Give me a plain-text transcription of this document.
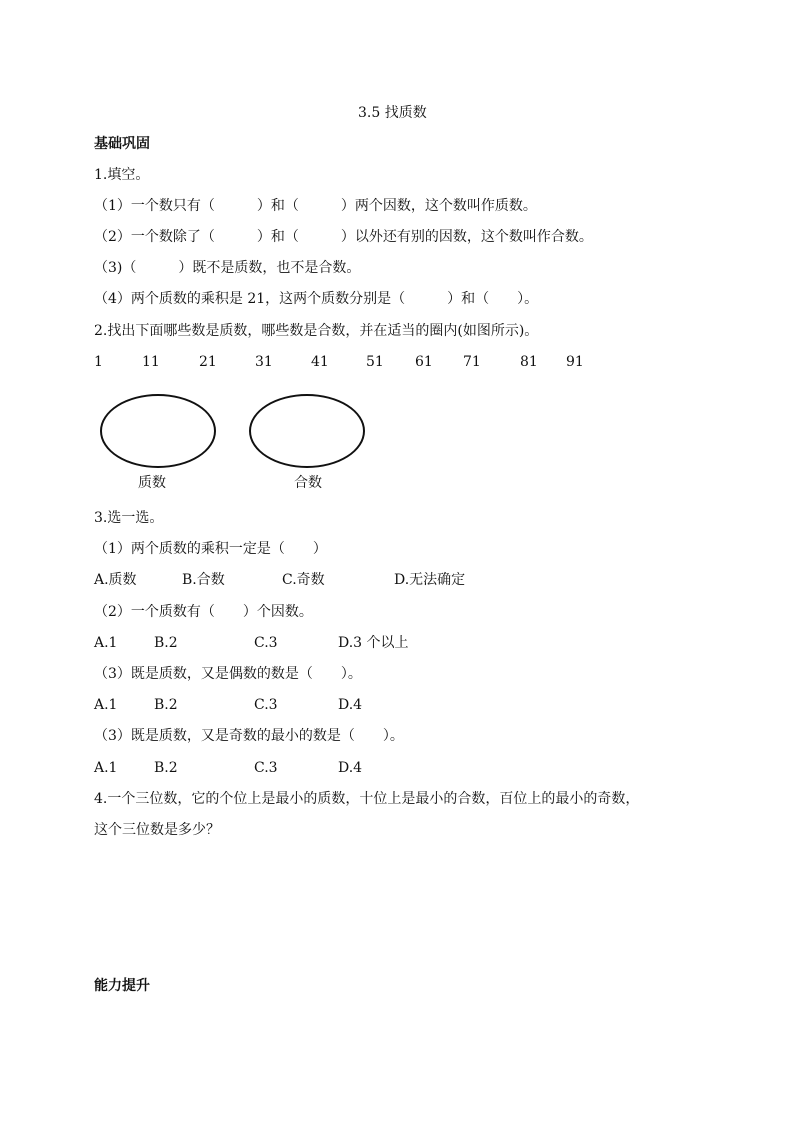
3.5 找质数
基础巩固
1.填空。
（1）一个数只有（　　　）和（　　　）两个因数，这个数叫作质数。
（2）一个数除了（　　　）和（　　　）以外还有别的因数，这个数叫作合数。
（3)（　　　）既不是质数，也不是合数。
（4）两个质数的乘积是 21，这两个质数分别是（　　　）和（　　）。
2.找出下面哪些数是质数，哪些数是合数，并在适当的圈内(如图所示)。
1	11	21	31	41	51 61 71	81 91
质数	合数
3.选一选。
（1）两个质数的乘积一定是（　　）
A.质数	B.合数	C.奇数	D.无法确定
（2）一个质数有（　　）个因数。
A.1	B.2	C.3	D.3 个以上
（3）既是质数，又是偶数的数是（　　）。
A.1	B.2	C.3	D.4
（3）既是质数，又是奇数的最小的数是（　　）。
A.1	B.2	C.3	D.4
4.一个三位数，它的个位上是最小的质数，十位上是最小的合数，百位上的最小的奇数，
这个三位数是多少？
能力提升
